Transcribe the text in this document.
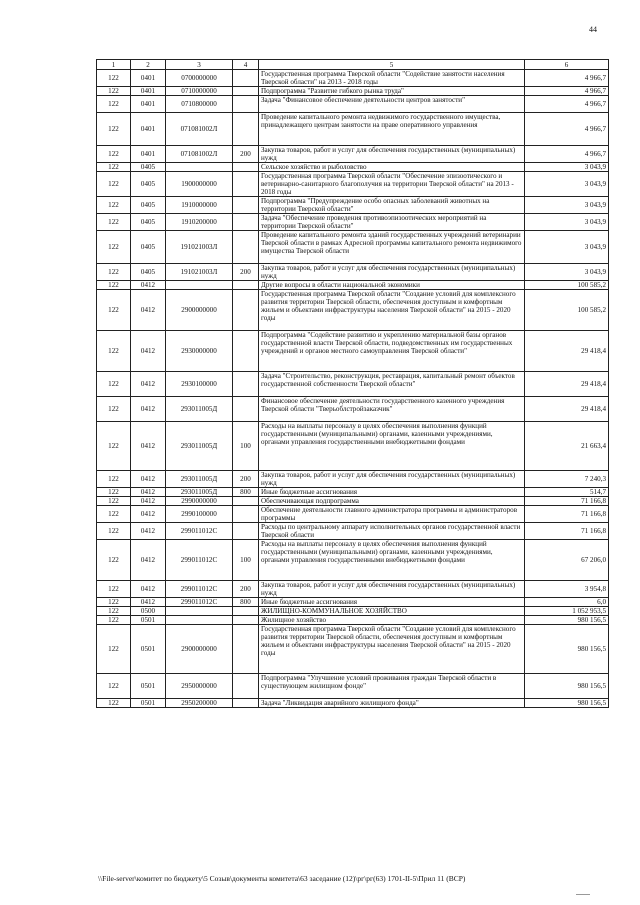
44
1	2	3	4	5	6
122	0401	0700000000		Государственная программа Тверской области "Содействие занятости населения Тверской области" на 2013 - 2018 годы	4 966,7
122	0401	0710000000		Подпрограмма "Развитие гибкого рынка труда"	4 966,7
122	0401	0710800000		Задача "Финансовое обеспечение деятельности центров занятости"	4 966,7
122	0401	071081002Л		Проведение капитального ремонта недвижимого государственного имущества, принадлежащего центрам занятости на праве оперативного управления	4 966,7
122	0401	071081002Л	200	Закупка товаров, работ и услуг для обеспечения государственных (муниципальных) нужд	4 966,7
122	0405			Сельское хозяйство и рыболовство	3 043,9
122	0405	1900000000		Государственная программа Тверской области "Обеспечение эпизоотического и ветеринарно-санитарного благополучия на территории Тверской области" на 2013 - 2018 годы	3 043,9
122	0405	1910000000		Подпрограмма "Предупреждение особо опасных заболеваний животных на территории Тверской области"	3 043,9
122	0405	1910200000		Задача "Обеспечение проведения противоэпизоотических мероприятий на территории Тверской области"	3 043,9
122	0405	191021003Л		Проведение капитального ремонта зданий государственных учреждений ветеринарии Тверской области в рамках Адресной программы капитального ремонта недвижимого имущества Тверской области	3 043,9
122	0405	191021003Л	200	Закупка товаров, работ и услуг для обеспечения государственных (муниципальных) нужд	3 043,9
122	0412			Другие вопросы в области национальной экономики	100 585,2
122	0412	2900000000		Государственная программа Тверской области "Создание условий для комплексного развития территории Тверской области, обеспечения доступным и комфортным жильем и объектами инфраструктуры населения Тверской области" на 2015 - 2020 годы	100 585,2
122	0412	2930000000		Подпрограмма "Содействие развитию и укреплению материальной базы органов государственной власти Тверской области, подведомственных им государственных учреждений и органов местного самоуправления Тверской области"	29 418,4
122	0412	2930100000		Задача "Строительство, реконструкция, реставрация, капитальный ремонт объектов государственной собственности Тверской области"	29 418,4
122	0412	293011005Д		Финансовое обеспечение деятельности государственного казенного учреждения Тверской области "Тверьоблстройзаказчик"	29 418,4
122	0412	293011005Д	100	Расходы на выплаты персоналу в целях обеспечения выполнения функций государственными (муниципальными) органами, казенными учреждениями, органами управления государственными внебюджетными фондами	21 663,4
122	0412	293011005Д	200	Закупка товаров, работ и услуг для обеспечения государственных (муниципальных) нужд	7 240,3
122	0412	293011005Д	800	Иные бюджетные ассигнования	514,7
122	0412	2990000000		Обеспечивающая подпрограмма	71 166,8
122	0412	2990100000		Обеспечение деятельности главного администратора программы и администраторов программы	71 166,8
122	0412	299011012С		Расходы по центральному аппарату исполнительных органов государственной власти Тверской области	71 166,8
122	0412	299011012С	100	Расходы на выплаты персоналу в целях обеспечения выполнения функций государственными (муниципальными) органами, казенными учреждениями, органами управления государственными внебюджетными фондами	67 206,0
122	0412	299011012С	200	Закупка товаров, работ и услуг для обеспечения государственных (муниципальных) нужд	3 954,8
122	0412	299011012С	800	Иные бюджетные ассигнования	6,0
122	0500			ЖИЛИЩНО-КОММУНАЛЬНОЕ ХОЗЯЙСТВО	1 052 953,5
122	0501			Жилищное хозяйство	980 156,5
122	0501	2900000000		Государственная программа Тверской области "Создание условий для комплексного развития территории Тверской области, обеспечения доступным и комфортным жильем и объектами инфраструктуры населения Тверской области" на 2015 - 2020 годы	980 156,5
122	0501	2950000000		Подпрограмма "Улучшение условий проживания граждан Тверской области в существующем жилищном фонде"	980 156,5
122	0501	2950200000		Задача "Ликвидация аварийного жилищного фонда"	980 156,5
\\File-server\комитет по бюджету\5 Созыв\документы комитета\63 заседание (12)\рг\рг(63) 1701-II-5\Прил 11 (ВСР)
